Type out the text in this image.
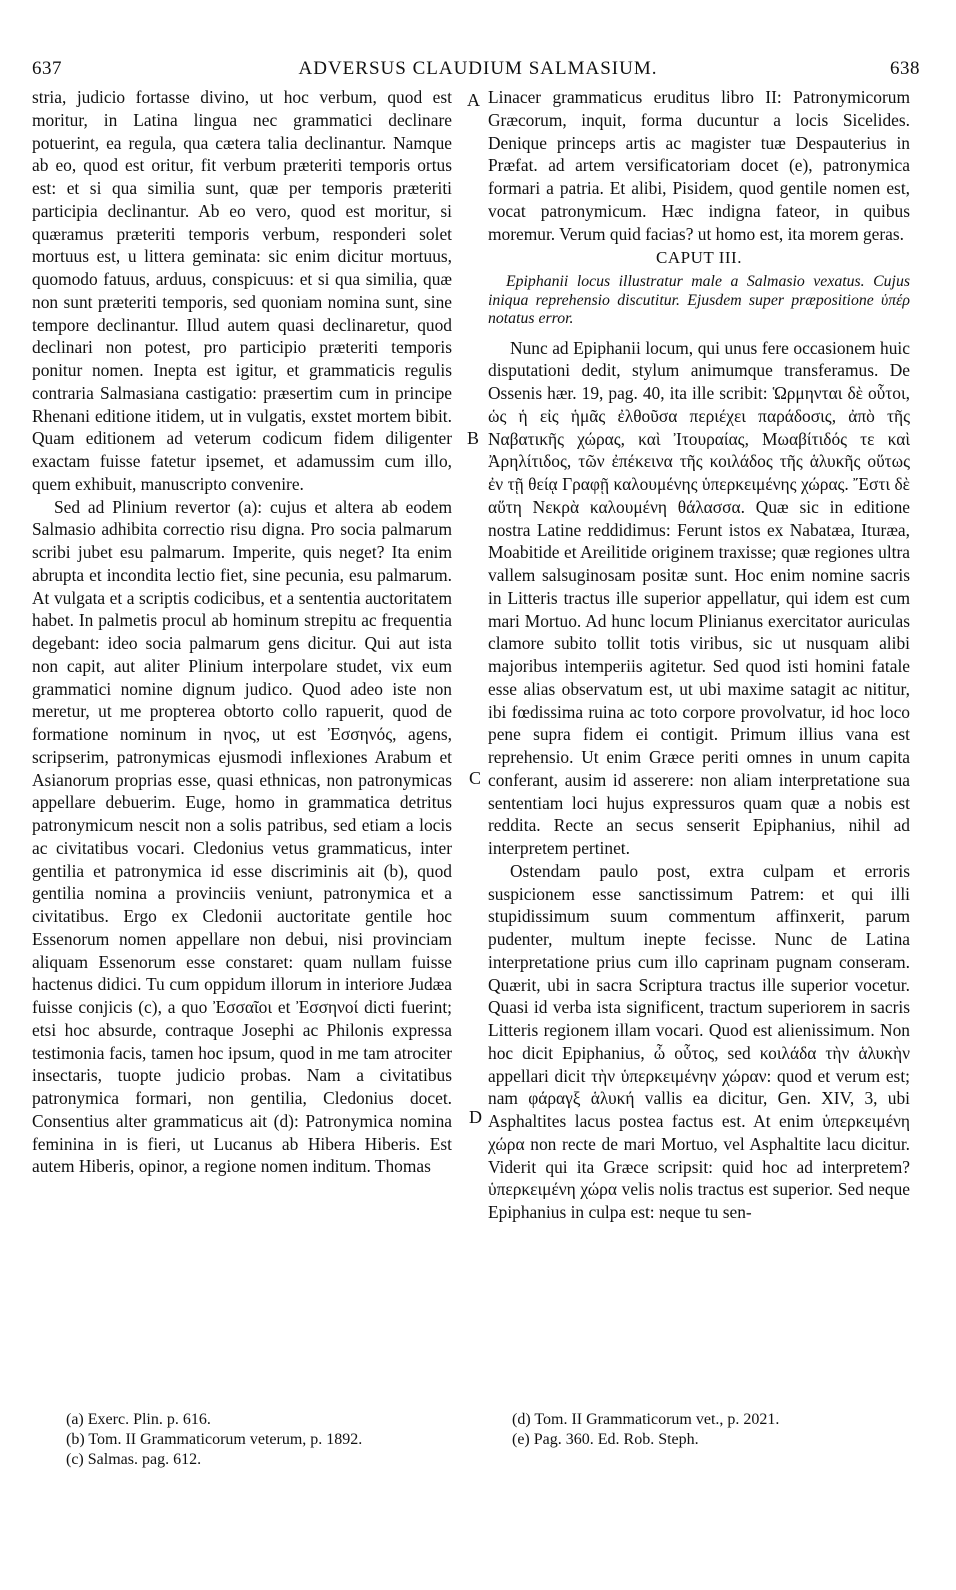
637	ADVERSUS CLAUDIUM SALMASIUM.	638
A
B
C
D

stria, judicio fortasse divino, ut hoc verbum, quod est moritur, in Latina lingua nec grammatici declinare potuerint, ea regula, qua cætera talia declinantur. Namque ab eo, quod est oritur, fit verbum præteriti temporis ortus est: et si qua similia sunt, quæ per temporis præteriti participia declinantur. Ab eo vero, quod est moritur, si quæramus præteriti temporis verbum, responderi solet mortuus est, u littera geminata: sic enim dicitur mortuus, quomodo fatuus, arduus, conspicuus: et si qua similia, quæ non sunt præteriti temporis, sed quoniam nomina sunt, sine tempore declinantur. Illud autem quasi declinaretur, quod declinari non potest, pro participio præteriti temporis ponitur nomen. Inepta est igitur, et grammaticis regulis contraria Salmasiana castigatio: præsertim cum in principe Rhenani editione itidem, ut in vulgatis, exstet mortem bibit. Quam editionem ad veterum codicum fidem diligenter exactam fuisse fatetur ipsemet, et adamussim cum illo, quem exhibuit, manuscripto convenire.

Sed ad Plinium revertor (a): cujus et altera ab eodem Salmasio adhibita correctio risu digna. Pro socia palmarum scribi jubet esu palmarum. Imperite, quis neget? Ita enim abrupta et incondita lectio fiet, sine pecunia, esu palmarum. At vulgata et a scriptis codicibus, et a sententia auctoritatem habet. In palmetis procul ab hominum strepitu ac frequentia degebant: ideo socia palmarum gens dicitur. Qui aut ista non capit, aut aliter Plinium interpolare studet, vix eum grammatici nomine dignum judico. Quod adeo iste non meretur, ut me propterea obtorto collo rapuerit, quod de formatione nominum in ηνος, ut est Ἐσσηνός, agens, scripserim, patronymicas ejusmodi inflexiones Arabum et Asianorum proprias esse, quasi ethnicas, non patronymicas appellare debuerim. Euge, homo in grammatica detritus patronymicum nescit non a solis patribus, sed etiam a locis ac civitatibus vocari. Cledonius vetus grammaticus, inter gentilia et patronymica id esse discriminis ait (b), quod gentilia nomina a provinciis veniunt, patronymica et a civitatibus. Ergo ex Cledonii auctoritate gentile hoc Essenorum nomen appellare non debui, nisi provinciam aliquam Essenorum esse constaret: quam nullam fuisse hactenus didici. Tu cum oppidum illorum in interiore Judæa fuisse conjicis (c), a quo Ἐσσαῖοι et Ἐσσηνοί dicti fuerint; etsi hoc absurde, contraque Josephi ac Philonis expressa testimonia facis, tamen hoc ipsum, quod in me tam atrociter insectaris, tuopte judicio probas. Nam a civitatibus patronymica formari, non gentilia, Cledonius docet. Consentius alter grammaticus ait (d): Patronymica nomina feminina in is fieri, ut Lucanus ab Hibera Hiberis. Est autem Hiberis, opinor, a regione nomen inditum. Thomas

Linacer grammaticus eruditus libro II: Patronymicorum Græcorum, inquit, forma ducuntur a locis Sicelides. Denique princeps artis ac magister tuæ Despauterius in Præfat. ad artem versificatoriam docet (e), patronymica formari a patria. Et alibi, Pisidem, quod gentile nomen est, vocat patronymicum. Hæc indigna fateor, in quibus moremur. Verum quid facias? ut homo est, ita morem geras.

CAPUT III.

Epiphanii locus illustratur male a Salmasio vexatus. Cujus iniqua reprehensio discutitur. Ejusdem super præpositione ὑπέρ notatus error.

Nunc ad Epiphanii locum, qui unus fere occasionem huic disputationi dedit, stylum animumque transferamus. De Ossenis hær. 19, pag. 40, ita ille scribit: Ὡρμηνται δὲ οὗτοι, ὡς ἡ εἰς ἡμᾶς ἐλθοῦσα περιέχει παράδοσις, ἀπὸ τῆς Ναβατικῆς χώρας, καὶ Ἰτουραίας, Μωαβίτιδός τε καὶ Ἀρηλίτιδος, τῶν ἐπέκεινα τῆς κοιλάδος τῆς ἁλυκῆς οὕτως ἐν τῇ θείᾳ Γραφῇ καλουμένης ὑπερκειμένης χώρας. Ἔστι δὲ αὕτη Νεκρὰ καλουμένη θάλασσα. Quæ sic in editione nostra Latine reddidimus: Ferunt istos ex Nabatæa, Ituræa, Moabitide et Areilitide originem traxisse; quæ regiones ultra vallem salsuginosam positæ sunt. Hoc enim nomine sacris in Litteris tractus ille superior appellatur, qui idem est cum mari Mortuo. Ad hunc locum Plinianus exercitator auriculas clamore subito tollit totis viribus, sic ut nusquam alibi majoribus intemperiis agitetur. Sed quod isti homini fatale esse alias observatum est, ut ubi maxime satagit ac nititur, ibi fœdissima ruina ac toto corpore provolvatur, id hoc loco pene supra fidem ei contigit. Primum illius vana est reprehensio. Ut enim Græce periti omnes in unum capita conferant, ausim id asserere: non aliam interpretatione sua sententiam loci hujus expressuros quam quæ a nobis est reddita. Recte an secus senserit Epiphanius, nihil ad interpretem pertinet.

Ostendam paulo post, extra culpam et erroris suspicionem esse sanctissimum Patrem: et qui illi stupidissimum suum commentum affinxerit, parum pudenter, multum inepte fecisse. Nunc de Latina interpretatione prius cum illo caprinam pugnam conseram. Quærit, ubi in sacra Scriptura tractus ille superior vocetur. Quasi id verba ista significent, tractum superiorem in sacris Litteris regionem illam vocari. Quod est alienissimum. Non hoc dicit Epiphanius, ὦ οὗτος, sed κοιλάδα τὴν ἁλυκὴν appellari dicit τὴν ὑπερκειμένην χώραν: quod et verum est; nam φάραγξ ἁλυκή vallis ea dicitur, Gen. XIV, 3, ubi Asphaltites lacus postea factus est. At enim ὑπερκειμένη χώρα non recte de mari Mortuo, vel Asphaltite lacu dicitur. Viderit qui ita Græce scripsit: quid hoc ad interpretem? ὑπερκειμένη χώρα velis nolis tractus est superior. Sed neque Epiphanius in culpa est: neque tu sen-

(a) Exerc. Plin. p. 616.
(b) Tom. II Grammaticorum veterum, p. 1892.
(c) Salmas. pag. 612.
(d) Tom. II Grammaticorum vet., p. 2021.
(e) Pag. 360. Ed. Rob. Steph.
